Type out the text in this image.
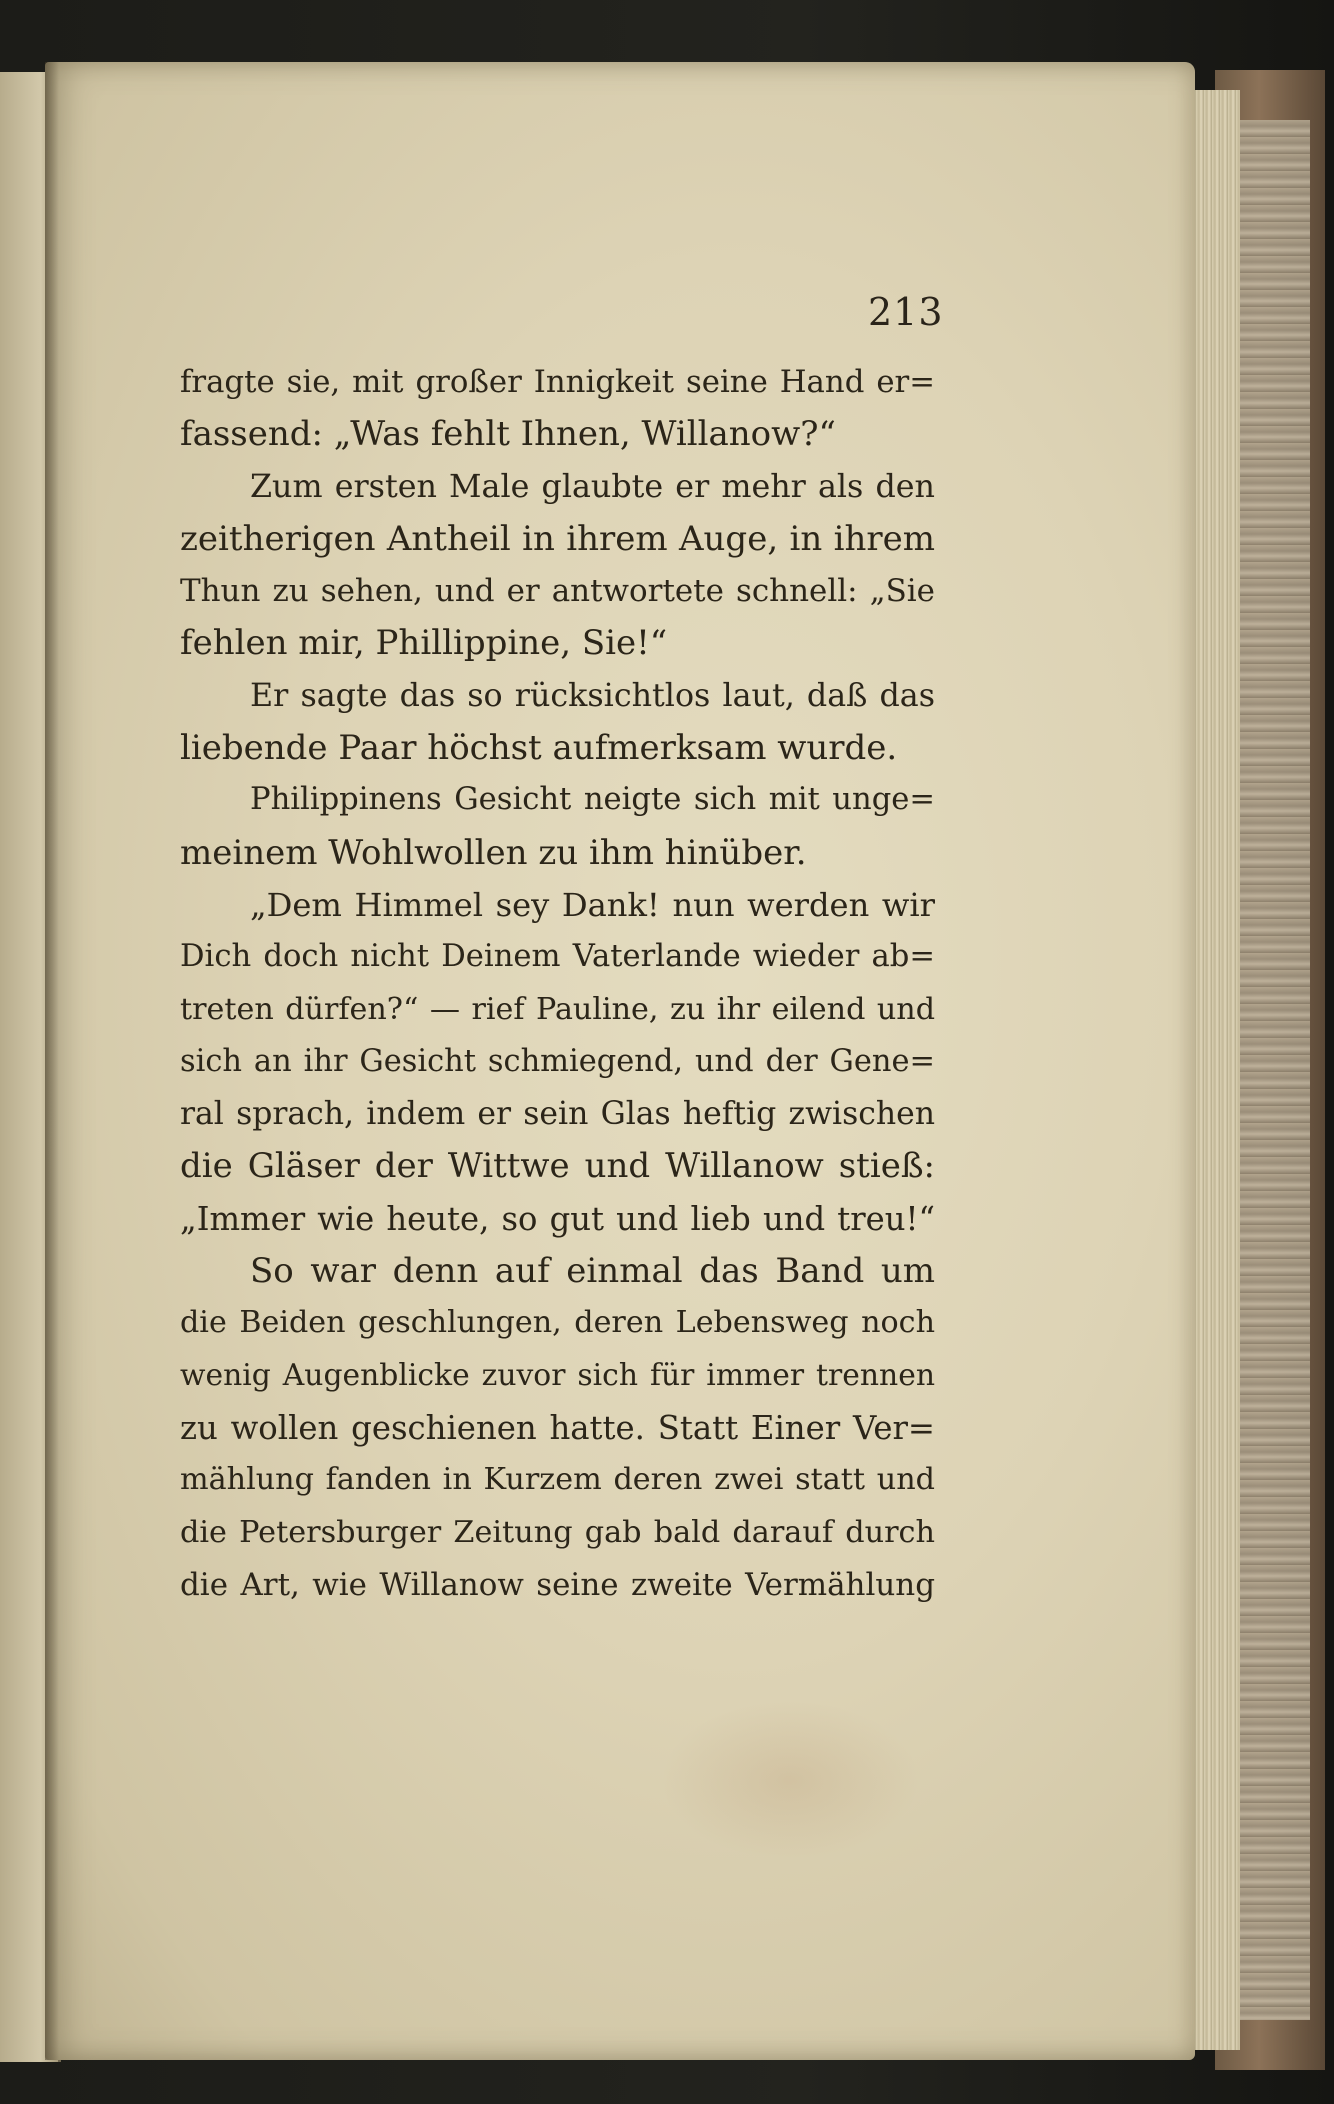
213
fragte sie, mit großer Innigkeit seine Hand er=
fassend: „Was fehlt Ihnen, Willanow?“
Zum ersten Male glaubte er mehr als den
zeitherigen Antheil in ihrem Auge, in ihrem
Thun zu sehen, und er antwortete schnell: „Sie
fehlen mir, Phillippine, Sie!“
Er sagte das so rücksichtlos laut, daß das
liebende Paar höchst aufmerksam wurde.
Philippinens Gesicht neigte sich mit unge=
meinem Wohlwollen zu ihm hinüber.
„Dem Himmel sey Dank! nun werden wir
Dich doch nicht Deinem Vaterlande wieder ab=
treten dürfen?“ — rief Pauline, zu ihr eilend und
sich an ihr Gesicht schmiegend, und der Gene=
ral sprach, indem er sein Glas heftig zwischen
die Gläser der Wittwe und Willanow stieß:
„Immer wie heute, so gut und lieb und treu!“
So war denn auf einmal das Band um
die Beiden geschlungen, deren Lebensweg noch
wenig Augenblicke zuvor sich für immer trennen
zu wollen geschienen hatte. Statt Einer Ver=
mählung fanden in Kurzem deren zwei statt und
die Petersburger Zeitung gab bald darauf durch
die Art, wie Willanow seine zweite Vermählung
